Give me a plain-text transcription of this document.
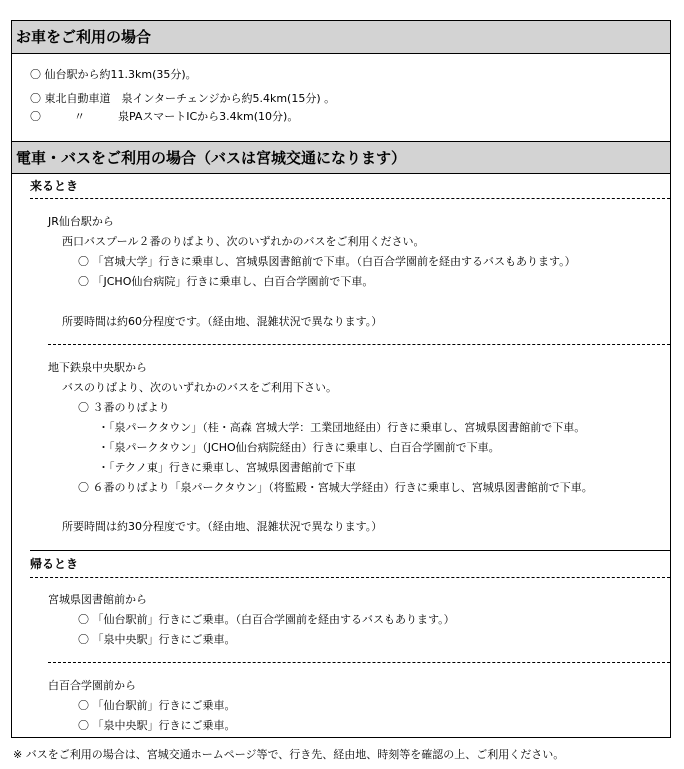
お車をご利用の場合
〇 仙台駅から約11.3km(35分)。
〇 東北自動車道　泉インターチェンジから約5.4km(15分) 。
〇　　　〃　　　泉PAスマートICから3.4km(10分)。
電車・バスをご利用の場合（バスは宮城交通になります）
来るとき
JR仙台駅から
西口バスプール２番のりばより、次のいずれかのバスをご利用ください。
〇 「宮城大学」行きに乗車し、宮城県図書館前で下車。（白百合学園前を経由するバスもあります。）
〇 「JCHO仙台病院」行きに乗車し、白百合学園前で下車。
所要時間は約60分程度です。（経由地、混雑状況で異なります。）
地下鉄泉中央駅から
バスのりばより、次のいずれかのバスをご利用下さい。
〇 ３番のりばより
・「泉パークタウン」（桂・高森 宮城大学：工業団地経由）行きに乗車し、宮城県図書館前で下車。
・「泉パークタウン」（JCHO仙台病院経由）行きに乗車し、白百合学園前で下車。
・「テクノ東」行きに乗車し、宮城県図書館前で下車
〇 ６番のりばより「泉パークタウン」（将監殿・宮城大学経由）行きに乗車し、宮城県図書館前で下車。
所要時間は約30分程度です。（経由地、混雑状況で異なります。）
帰るとき
宮城県図書館前から
〇 「仙台駅前」行きにご乗車。（白百合学園前を経由するバスもあります。）
〇 「泉中央駅」行きにご乗車。
白百合学園前から
〇 「仙台駅前」行きにご乗車。
〇 「泉中央駅」行きにご乗車。
※ バスをご利用の場合は、宮城交通ホームページ等で、行き先、経由地、時刻等を確認の上、ご利用ください。
